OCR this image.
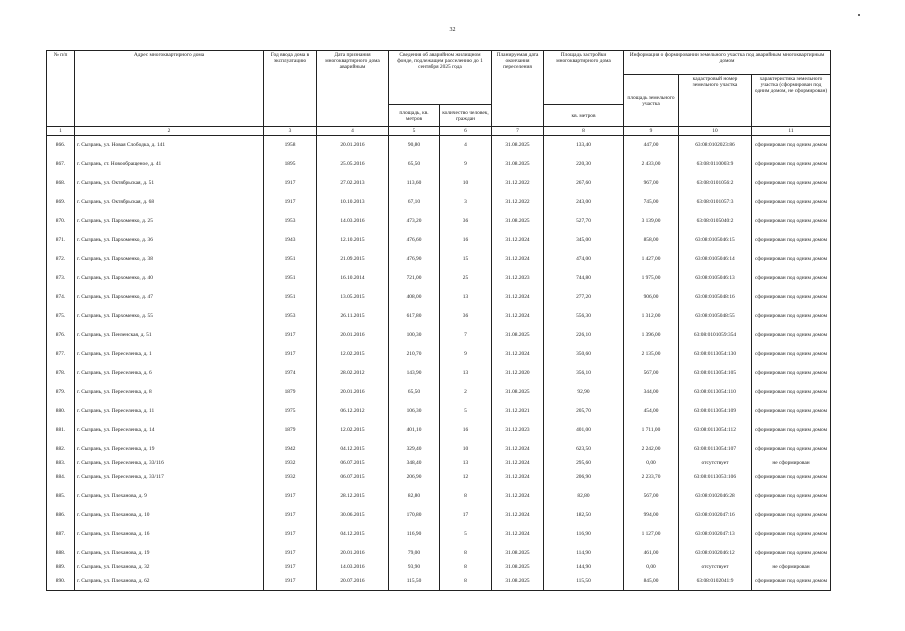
32
№ п/п	Адрес многоквартирного дома	Год ввода дома в эксплуатацию	Дата признания многоквартирного дома аварийным	Сведения об аварийном жилищном фонде, подлежащем расселению до 1 сентября 2025 года		Планируемая дата окончания переселения	Площадь застройки многоквартирного дома	Информация о формировании земельного участка под аварийным многоквартирным домом		
								площадь земельного участка	кадастровый номер земельного участка	характеристика земельного участка (сформирован под одним домом, не сформирован)
				площадь, кв. метров	количество человек, граждан		кв. метров			

1	2	3	4	5	6	7	8	9	10	11
866.	г. Сызрань, ул. Новая Слободка, д. 141	1958	20.01.2016	90,80	4	31.08.2025	133,40	447,00	63:08:0102023:86	сформирован под одним домом
867.	г. Сызрань, ст. Новообращеное, д. 41	1895	25.05.2016	65,50	9	31.08.2025	220,30	2 433,00	63:08:0110003:9	сформирован под одним домом
868.	г. Сызрань, ул. Октябрьская, д. 51	1917	27.02.2013	113,60	10	31.12.2022	267,60	967,00	63:08:0101056:2	сформирован под одним домом
869.	г. Сызрань, ул. Октябрьская, д. 68	1917	10.10.2013	67,10	3	31.12.2022	243,00	745,00	63:08:0101057:3	сформирован под одним домом
870.	г. Сызрань, ул. Пархоменко, д. 25	1953	14.03.2016	473,20	36	31.08.2025	527,70	3 139,00	63:08:0105040:2	сформирован под одним домом
871.	г. Сызрань, ул. Пархоменко, д. 36	1943	12.10.2015	476,60	16	31.12.2024	345,00	858,00	63:08:0105046:15	сформирован под одним домом
872.	г. Сызрань, ул. Пархоменко, д. 38	1951	21.09.2015	476,90	15	31.12.2024	474,00	1 427,00	63:08:0105046:14	сформирован под одним домом
873.	г. Сызрань, ул. Пархоменко, д. 40	1951	16.10.2014	721,00	25	31.12.2023	744,80	1 975,00	63:08:0105046:13	сформирован под одним домом
874.	г. Сызрань, ул. Пархоменко, д. 47	1951	13.05.2015	408,00	13	31.12.2024	277,20	906,00	63:08:0105048:16	сформирован под одним домом
875.	г. Сызрань, ул. Пархоменко, д. 55	1953	26.11.2015	617,80	36	31.12.2024	556,30	1 312,00	63:08:0105048:55	сформирован под одним домом
876.	г. Сызрань, ул. Пензенская, д. 51	1917	20.01.2016	100,30	7	31.08.2025	226,10	1 396,00	63:08:0101059:354	сформирован под одним домом
877.	г. Сызрань, ул. Переселенка, д. 1	1917	12.02.2015	210,70	9	31.12.2024	350,60	2 135,00	63:08:0113054:130	сформирован под одним домом
878.	г. Сызрань, ул. Переселенка, д. 6	1974	28.02.2012	143,90	13	31.12.2020	356,10	567,00	63:08:0113054:105	сформирован под одним домом
879.	г. Сызрань, ул. Переселенка, д. 8	1879	20.01.2016	65,50	2	31.08.2025	92,90	344,00	63:08:0113054:110	сформирован под одним домом
880.	г. Сызрань, ул. Переселенка, д. 11	1975	06.12.2012	106,30	5	31.12.2021	205,70	454,00	63:08:0113054:109	сформирован под одним домом
881.	г. Сызрань, ул. Переселенка, д. 14	1879	12.02.2015	401,10	16	31.12.2023	401,00	1 711,00	63:08:0113054:112	сформирован под одним домом
882.	г. Сызрань, ул. Переселенка, д. 19	1942	04.12.2015	329,40	10	31.12.2024	623,50	2 242,00	63:08:0113054:107	сформирован под одним домом
883.	г. Сызрань, ул. Переселенка, д. 33/116	1932	06.07.2015	348,40	13	31.12.2024	295,60	0,00	отсутствует	не сформирован
884.	г. Сызрань, ул. Переселенка, д. 33/117	1932	06.07.2015	206,90	12	31.12.2024	206,90	2 233,70	63:08:0113053:106	сформирован под одним домом
885.	г. Сызрань, ул. Плеханова, д. 9	1917	28.12.2015	82,80	8	31.12.2024	82,80	567,00	63:08:0102046:28	сформирован под одним домом
886.	г. Сызрань, ул. Плеханова, д. 10	1917	30.06.2015	170,80	17	31.12.2024	182,50	994,00	63:08:0102047:16	сформирован под одним домом
887.	г. Сызрань, ул. Плеханова, д. 16	1917	04.12.2015	116,90	5	31.12.2024	116,90	1 127,00	63:08:0102047:13	сформирован под одним домом
888.	г. Сызрань, ул. Плеханова, д. 19	1917	20.01.2016	79,00	8	31.08.2025	114,90	461,00	63:08:0102046:12	сформирован под одним домом
889.	г. Сызрань, ул. Плеханова, д. 32	1917	14.03.2016	93,90	8	31.08.2025	144,90	0,00	отсутствует	не сформирован
890.	г. Сызрань, ул. Плеханова, д. 62	1917	20.07.2016	115,50	8	31.08.2025	115,50	845,00	63:08:0102041:9	сформирован под одним домом
